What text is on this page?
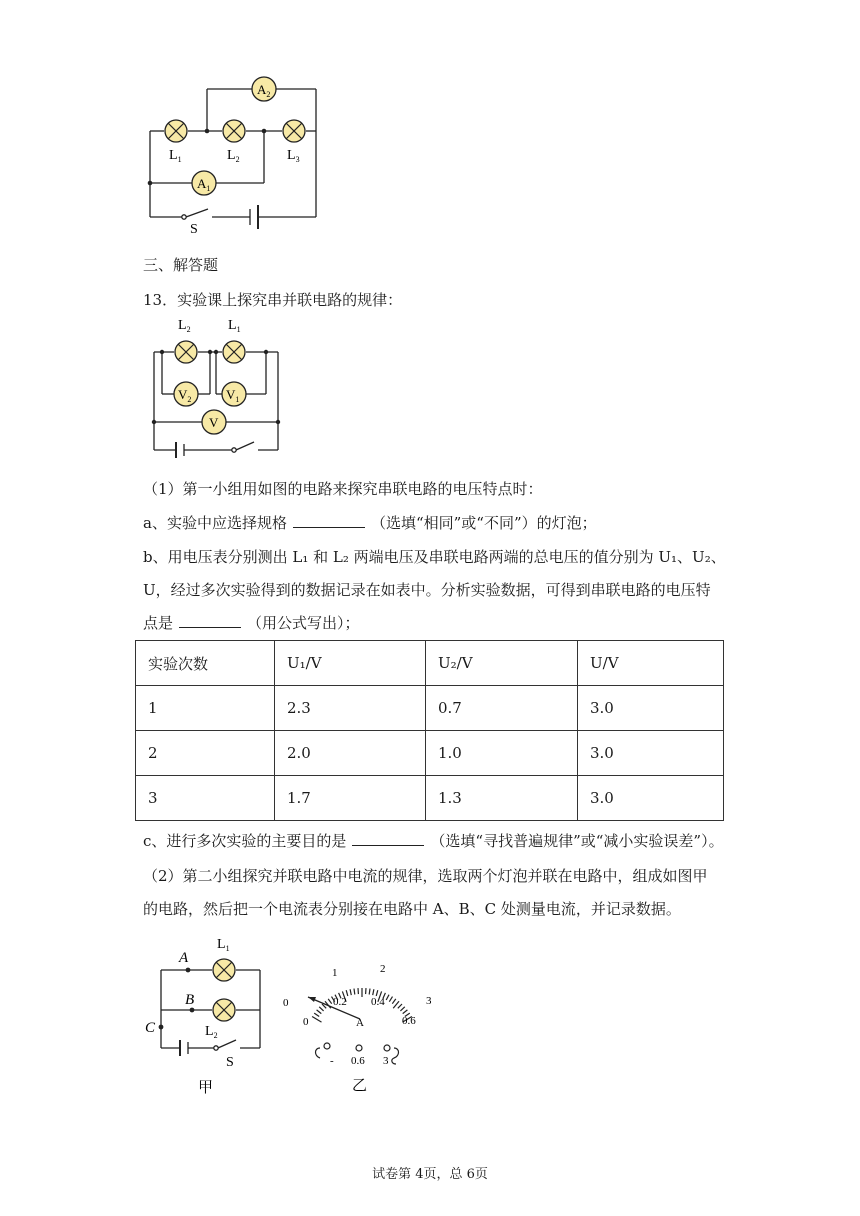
$A_2$
$A_1$
$L_1$	$L_2$	$L_3$
S
三、解答题
13．实验课上探究串并联电路的规律：
$L_2$	$L_1$
$V_2$	$V_1$
V
（1）第一小组用如图的电路来探究串联电路的电压特点时：
a、实验中应选择规格	（选填“相同”或“不同”）的灯泡；
b、用电压表分别测出 L₁ 和 L₂ 两端电压及串联电路两端的总电压的值分别为 U₁、U₂、
U，经过多次实验得到的数据记录在如表中。分析实验数据，可得到串联电路的电压特
点是	（用公式写出）；
实验次数	U₁/V	U₂/V	U/V
1	2.3	0.7	3.0
2	2.0	1.0	3.0
3	1.7	1.3	3.0
c、进行多次实验的主要目的是	（选填“寻找普遍规律”或“减小实验误差”）。
（2）第二小组探究并联电路中电流的规律，选取两个灯泡并联在电路中，组成如图甲
的电路，然后把一个电流表分别接在电路中 A、B、C 处测量电流，并记录数据。
A
B
C
$L_1$
$L_2$
S
甲
0
1	2
3
0
0.2 0.4
0.6
A
- 0.6 3
乙
试卷第 4页，总 6页
